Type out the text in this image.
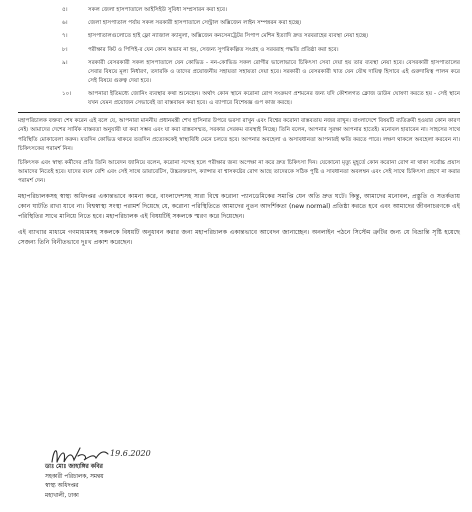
৫।	সকল জেলা হাসপাতালে আইসিইউ সুবিধা সম্প্রসারন করা হবে।
৬।	জেলা হাসপাতাল পর্যায় সকল সরকারী হাসপাতালে সেন্ট্রাল অক্সিজেন লাইন সম্পন্নরন করা হচ্ছে।
৭।	হাসপাতালগুলোতে হাই ফ্লো ন্যাজাল ক্যানুলা, অক্সিজেন কনসেনট্রেটর সিপাপ মেশিন ইত্যাদি দ্রুত সরবরাহের ব্যবস্থা নেয়া হচ্ছে।
৮।	পরীক্ষার কিট ও পিপিই-র যেন কোন অভাব না হয়, সেজন্য সুপরিকল্পিত সংগ্রহ ও সরবরাহ পদ্ধতি প্রতিষ্ঠা করা হবে।
৯।	সরকারী বেসরকারী সকল হাসপাতালে যেন কোভিড - নন-কোভিড সকল রোগীর ভালোভাবে চিকিৎসা সেবা দেয়া হয় তার ব্যবস্থা নেয়া হবে। বেসরকারী হাসপাতালের সেবার বিষয়ে মূল্য নির্ধারণ, তদারকি ও তাদের প্রয়োজনীয় সহায়তা সহায়তা দেয়া হবে। সরকারী ও বেসরকারী খাত যেন যৌথ দায়িত্ব হিসাবে এই গুরুদায়িত্ব পালন করে সেই বিষয়ে গুরুত্ব দেয়া হবে।
১০।	আপনারা ইতিমধ্যে জোনিং ব্যবস্থার কথা শুনেছেন। অর্থাৎ কোন স্থানে করোনা রোগ সংক্রমণ প্রশমনের জন্য যদি কৌশলগত ক্লোজ ডাউন ঘোষণা করতে হয় - সেই স্থানে যখন যেমন প্রয়োজন সেভাবেই তা বাস্তবায়ন করা হবে। এ ব্যাপারে বিশেষজ্ঞ গুপ কাজ করছে।

মহাপরিচালক বক্তব্য শেষ করেন এই বলে যে, আপনারা মাননীয় প্রধানমন্ত্রী শেখ হাসিনার উপরে ভরসা রাখুন এবং বিশ্বের করোনা বাস্তবতায় নজর রাখুন। বাংলাদেশে বিষয়টি ব্যতিক্রমী হওয়ার কোন কারণ নেই। আমাদের দেশের সার্বিক বাস্তবতা অনুযায়ী যা করা সম্ভব এবং যা করা বাস্তবসম্মত, সরকার সেরকম ব্যবস্থাই নিচ্ছে। তিনি বলেন, আপনার সুরক্ষা আপনার হাতেই। মনোবল হারাবেন না। সাহসের সাথে পরিস্থিতি মোকাবেলা করুন। যতদিন কোভিড থাকবে ততদিন প্রত্যেককেই স্বাস্থ্যবিধি মেনে চলতে হবে। আপনার অবহেলা ও অসাবধানতা আপনারই ক্ষতি করতে পারে। লক্ষণ থাকলে অবহেলা করবেন না। চিকিৎসকের পরামর্শ নিন।

চিকিৎসক এবং স্বাস্থ্য কর্মীদের প্রতি তিনি আবেদন জানিয়ে বলেন, করোনা সন্দেহ হলে পরীক্ষার জন্য অপেক্ষা না করে দ্রুত চিকিৎসা দিন। যেকোনো মৃত্যু মুহূর্তে কোন করোনা রোগ না থাকা সর্বোচ্চ প্রয়াস আমাদের নিতেই হবে। যাদের বয়স বেশি এবং সেই সাথে ডায়াবেটিস, উচ্চরক্তচাপ, ক্যান্সার বা শ্বাসকষ্টের রোগ আছে তাদেরকে সঠিক পুষ্টি ও সাবধানতা অবলম্বন এবং সেই সাথে চিকিৎসা গ্রহণে না করার পরামর্শ দেন।

মহাপরিচালকসহ স্বাস্থ্য অধিদপ্তর একান্তভাবে কামনা করে, বাংলাদেশসহ সারা বিশ্বে করোনা প্যানডেমিকের সমাপ্তি যেন অতি দ্রুত ঘটে। কিন্তু, আমাদের মনোবল, প্রস্তুতি ও সতর্কতায় কোন ঘাটতি রাখা যাবে না। বিশ্বস্বাস্থ্য সংস্থা পরামর্শ দিয়েছে যে, করোনা পরিস্থিতিতে আমাদের নুতন আদর্শিকতা (new normal) প্রতিষ্ঠা করতে হবে এবং আমাদের জীবনাচরণকে এই পরিস্থিতির সাথে মানিয়ে নিতে হবে। মহাপরিচালক এই বিষয়টিই সকলকে স্মরণ করে দিয়েছেন।

এই ব্যাখ্যার মাধ্যমে গণমাধ্যমসহ সকলকে বিষয়টি অনুধাবন করার জন্য মহাপরিচালক একান্তভাবে আবেদন জানাচ্ছেন। অনলাইন পঠনে সিস্টেম ত্রুটির জন্য যে বিভ্রান্তি সৃষ্টি হয়েছে সেজন্য তিনি বিনীতভাবে দুঃখ প্রকাশ করেছেন।

19.6.2020
ডাঃ মোঃ জাহাঙ্গির কবির
সহকারী পরিচালক, সমন্বয়
স্বাস্থ্য অধিদপ্তর
মহাখালী, ঢাকা
